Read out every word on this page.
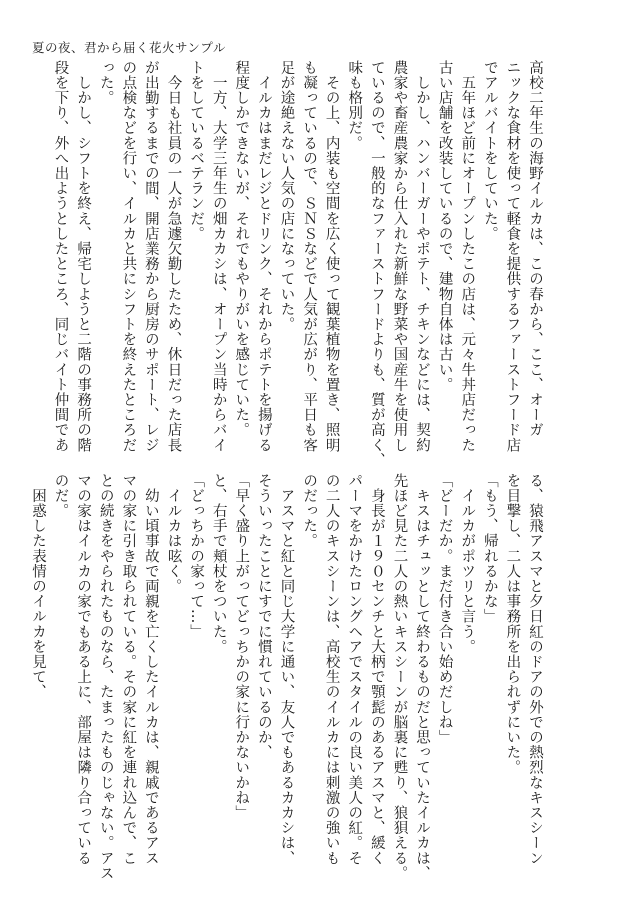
夏の夜、君から届く花火サンプル

高校二年生の海野イルカは、この春から、ここ、オーガ

ニックな食材を使って軽食を提供するファーストフード店

でアルバイトをしていた。

　五年ほど前にオープンしたこの店は、元々牛丼店だった

古い店舗を改装しているので、建物自体は古い。

　しかし、ハンバーガーやポテト、チキンなどには、契約

農家や畜産農家から仕入れた新鮮な野菜や国産牛を使用し

ているので、一般的なファーストフードよりも、質が高く、

味も格別だ。

　その上、内装も空間を広く使って観葉植物を置き、照明

も凝っているので、ＳＮＳなどで人気が広がり、平日も客

足が途絶えない人気の店になっていた。

　イルカはまだレジとドリンク、それからポテトを揚げる

程度しかできないが、それでもやりがいを感じていた。

　一方、大学三年生の畑カカシは、オープン当時からバイ

トをしているベテランだ。

　今日も社員の一人が急遽欠勤したため、休日だった店長

が出勤するまでの間、開店業務から厨房のサポート、レジ

の点検などを行い、イルカと共にシフトを終えたところだ

った。

　しかし、シフトを終え、帰宅しようと二階の事務所の階

段を下り、外へ出ようとしたところ、同じバイト仲間であ

る、猿飛アスマと夕日紅のドアの外での熱烈なキスシーン

を目撃し、二人は事務所を出られずにいた。

「もう、帰れるかな」

　イルカがポツリと言う。

「どーだか。まだ付き合い始めだしね」

　キスはチュッとして終わるものだと思っていたイルカは、

先ほど見た二人の熱いキスシーンが脳裏に甦り、狼狽える。

　身長が１９０センチと大柄で顎髭のあるアスマと、緩く

パーマをかけたロングヘアでスタイルの良い美人の紅。そ

の二人のキスシーンは、高校生のイルカには刺激の強いも

のだった。

　アスマと紅と同じ大学に通い、友人でもあるカカシは、

そういったことにすでに慣れているのか、

「早く盛り上がってどっちかの家に行かないかね」

と、右手で頬杖をついた。

「どっちかの家って…」

　イルカは呟く。

　幼い頃事故で両親を亡くしたイルカは、親戚であるアス

マの家に引き取られている。その家に紅を連れ込んで、こ

との続きをやられたものなら、たまったものじゃない。アス

マの家はイルカの家でもある上に、部屋は隣り合っている

のだ。

　困惑した表情のイルカを見て、
